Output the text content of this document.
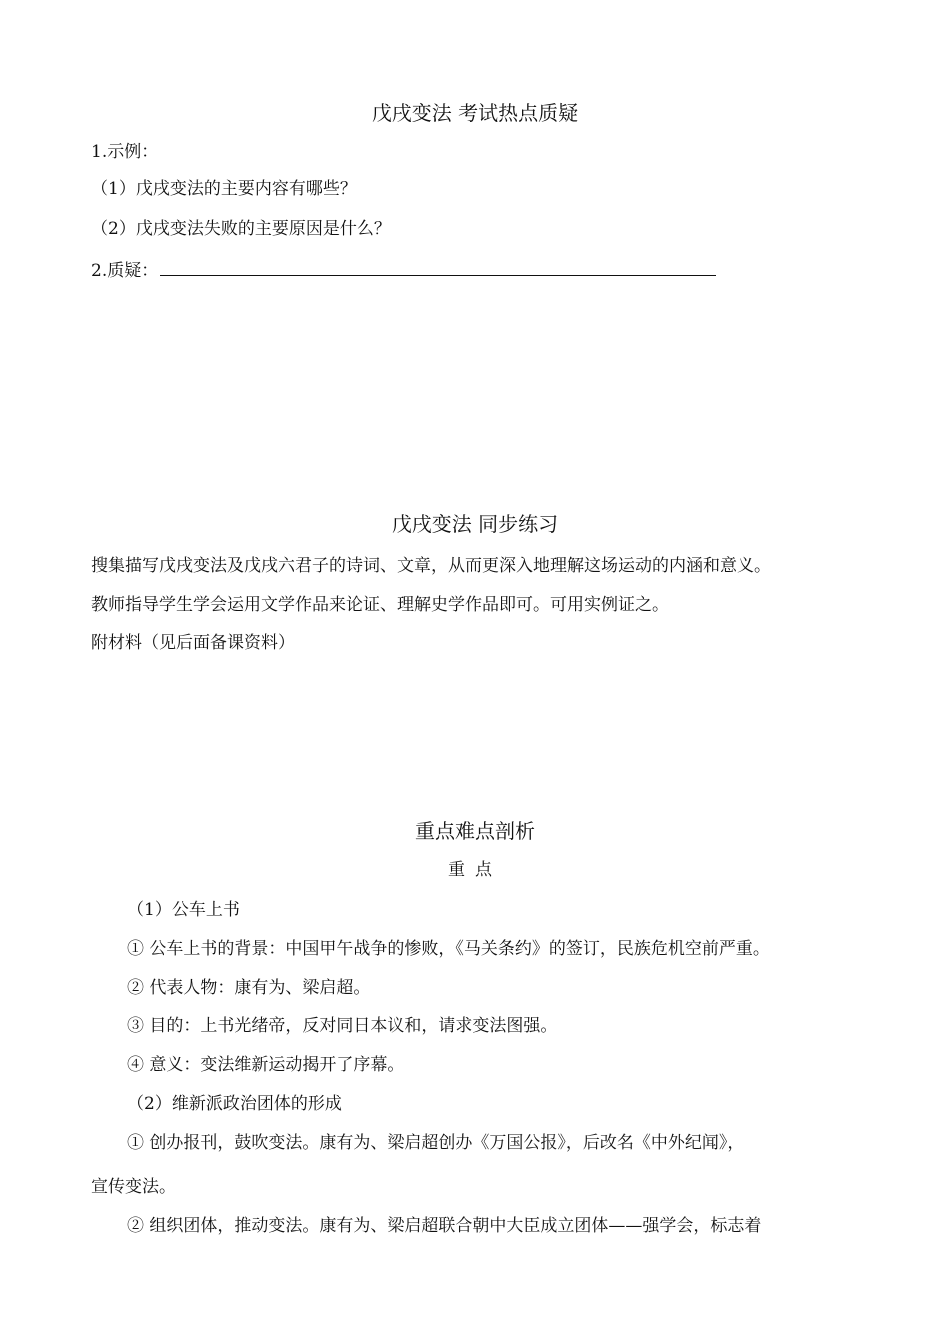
戊戌变法 考试热点质疑
1.示例：
（1）戊戌变法的主要内容有哪些？
（2）戊戌变法失败的主要原因是什么？
2.质疑：
戊戌变法 同步练习
搜集描写戊戌变法及戊戌六君子的诗词、文章，从而更深入地理解这场运动的内涵和意义。
教师指导学生学会运用文学作品来论证、理解史学作品即可。可用实例证之。
附材料（见后面备课资料）
重点难点剖析
重点
（1）公车上书
① 公车上书的背景：中国甲午战争的惨败，《马关条约》的签订，民族危机空前严重。
② 代表人物：康有为、梁启超。
③ 目的：上书光绪帝，反对同日本议和，请求变法图强。
④ 意义：变法维新运动揭开了序幕。
（2）维新派政治团体的形成
① 创办报刊，鼓吹变法。康有为、梁启超创办《万国公报》，后改名《中外纪闻》，
宣传变法。
② 组织团体，推动变法。康有为、梁启超联合朝中大臣成立团体——强学会，标志着
